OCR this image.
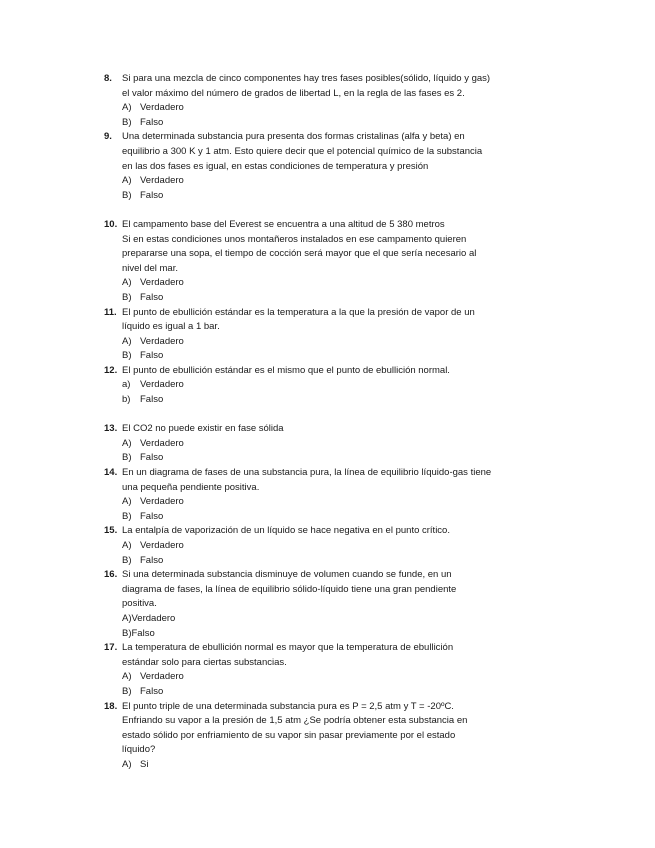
8.	Si para una mezcla de cinco componentes hay tres fases posibles(sólido, líquido y gas)
el valor máximo del número de grados de libertad L, en la regla de las fases es 2.
A) Verdadero
B) Falso
9.	Una determinada substancia pura presenta dos formas cristalinas (alfa y beta) en
equilibrio a 300 K y 1 atm. Esto quiere decir que el potencial químico de la substancia
en las dos fases es igual, en estas condiciones de temperatura y presión
A) Verdadero
B) Falso
10. El campamento base del Everest se encuentra a una altitud de 5 380 metros
Si en estas condiciones unos montañeros instalados en ese campamento quieren
prepararse una sopa, el tiempo de cocción será mayor que el que sería necesario al
nivel del mar.
A) Verdadero
B) Falso
11. El punto de ebullición estándar es la temperatura a la que la presión de vapor de un
líquido es igual a 1 bar.
A) Verdadero
B) Falso
12. El punto de ebullición estándar es el mismo que el punto de ebullición normal.
a)	Verdadero
b)	Falso
13. El CO2 no puede existir en fase sólida
A) Verdadero
B) Falso
14. En un diagrama de fases de una substancia pura, la línea de equilibrio líquido-gas tiene
una pequeña pendiente positiva.
A) Verdadero
B) Falso
15. La entalpía de vaporización de un líquido se hace negativa en el punto crítico.
A) Verdadero
B) Falso
16. Si una determinada substancia disminuye de volumen cuando se funde, en un
diagrama de fases, la línea de equilibrio sólido-líquido tiene una gran pendiente
positiva.
A) Verdadero
B) Falso
17. La temperatura de ebullición normal es mayor que la temperatura de ebullición
estándar solo para ciertas substancias.
A) Verdadero
B) Falso
18. El punto triple de una determinada substancia pura es P = 2,5 atm y T = -20ºC.
Enfriando su vapor a la presión de 1,5 atm ¿Se podría obtener esta substancia en
estado sólido por enfriamiento de su vapor sin pasar previamente por el estado
líquido?
A) Si
